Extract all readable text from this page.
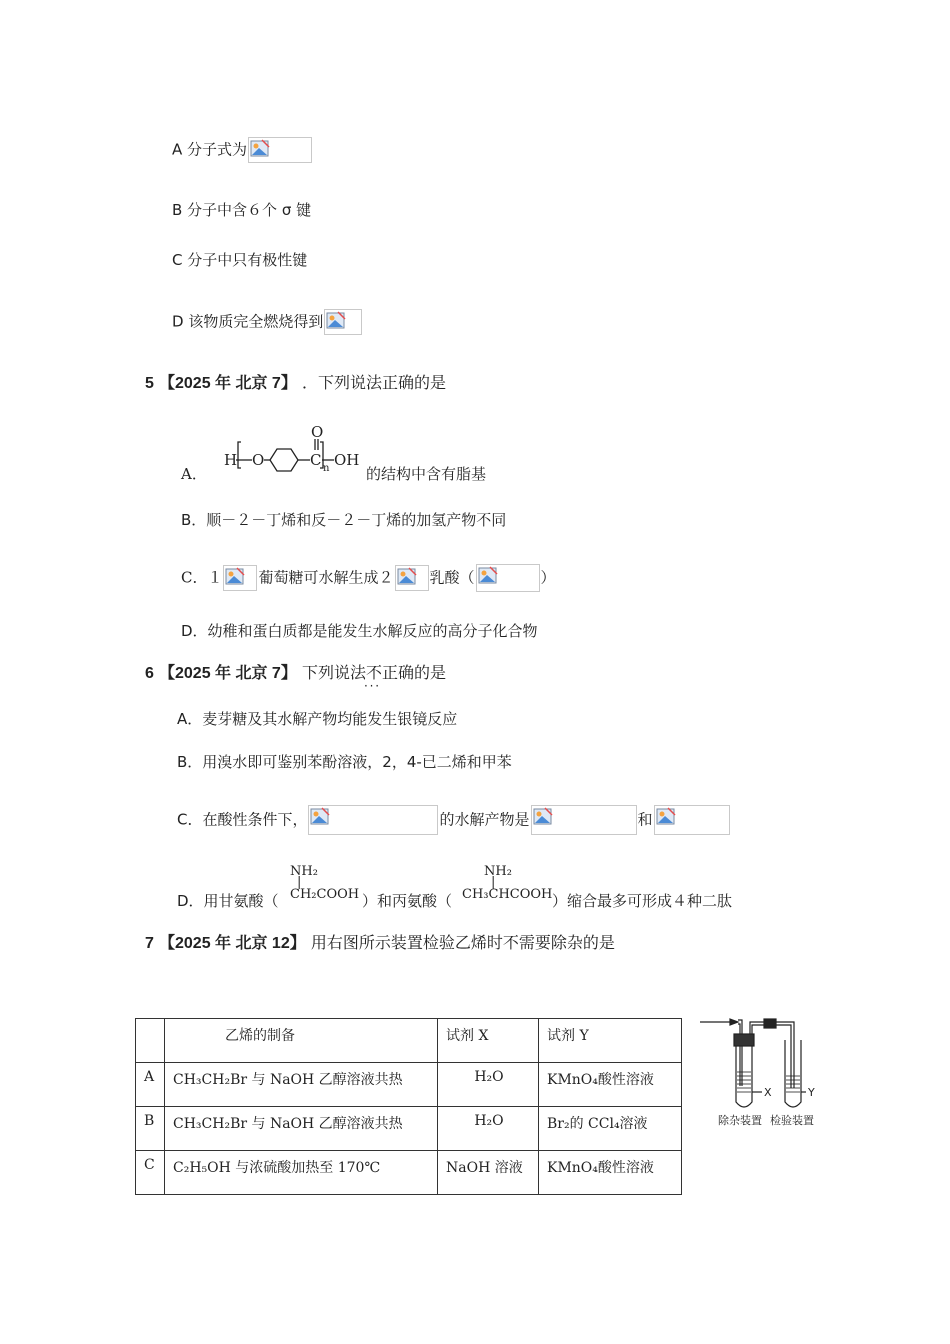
A 分子式为
B 分子中含６个 σ 键
C 分子中只有极性键
D 该物质完全燃烧得到
5 【2025 年 北京 7】 ．下列说法正确的是
A．
H O	C
O
n OH
的结构中含有脂基
B．顺－２－丁烯和反－２－丁烯的加氢产物不同
C．１ 葡萄糖可水解生成２ 乳酸（	）
D．幼稚和蛋白质都是能发生水解反应的高分子化合物
6 【2025 年 北京 7】 下列说法不正确 · · ·的是
A．麦芽糖及其水解产物均能发生银镜反应
B．用溴水即可鉴别苯酚溶液，2，4-已二烯和甲苯
C．在酸性条件下，	的水解产物是	和
D．用甘氨酸（
NH₂
|
CH₂COOH ）和丙氨酸（
NH₂
|
CH₃CHCOOH ）缩合最多可形成４种二肽
7 【2025 年 北京 12】 用右图所示装置检验乙烯时不需要除杂的是
	乙烯的制备	试剂 X	试剂 Y
A	CH₃CH₂Br 与 NaOH 乙醇溶液共热	H₂O	KMnO₄酸性溶液
B	CH₃CH₂Br 与 NaOH 乙醇溶液共热	H₂O	Br₂的 CCl₄溶液
C	C₂H₅OH 与浓硫酸加热至 170℃	NaOH 溶液	KMnO₄酸性溶液
X	Y
除杂装置 检验装置
